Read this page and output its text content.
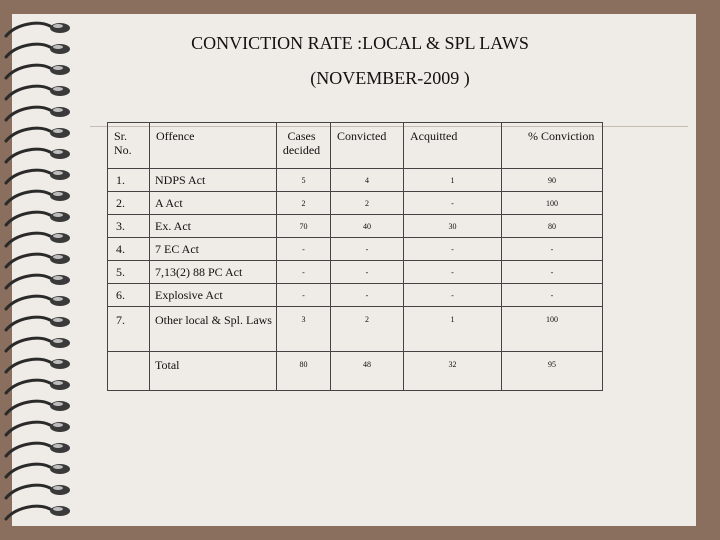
CONVICTION RATE :LOCAL & SPL LAWS
(NOVEMBER-2009 )
Sr. No.	Offence	Cases decided	Convicted	Acquitted	% Conviction
1.	NDPS Act	5	4	1	90
2.	A Act	2	2	-	100
3.	Ex. Act	70	40	30	80
4.	7 EC Act	-	-	-	-
5.	7,13(2) 88 PC Act	-	-	-	-
6.	Explosive Act	-	-	-	-
7.	Other local & Spl. Laws	3	2	1	100
	Total	80	48	32	95
